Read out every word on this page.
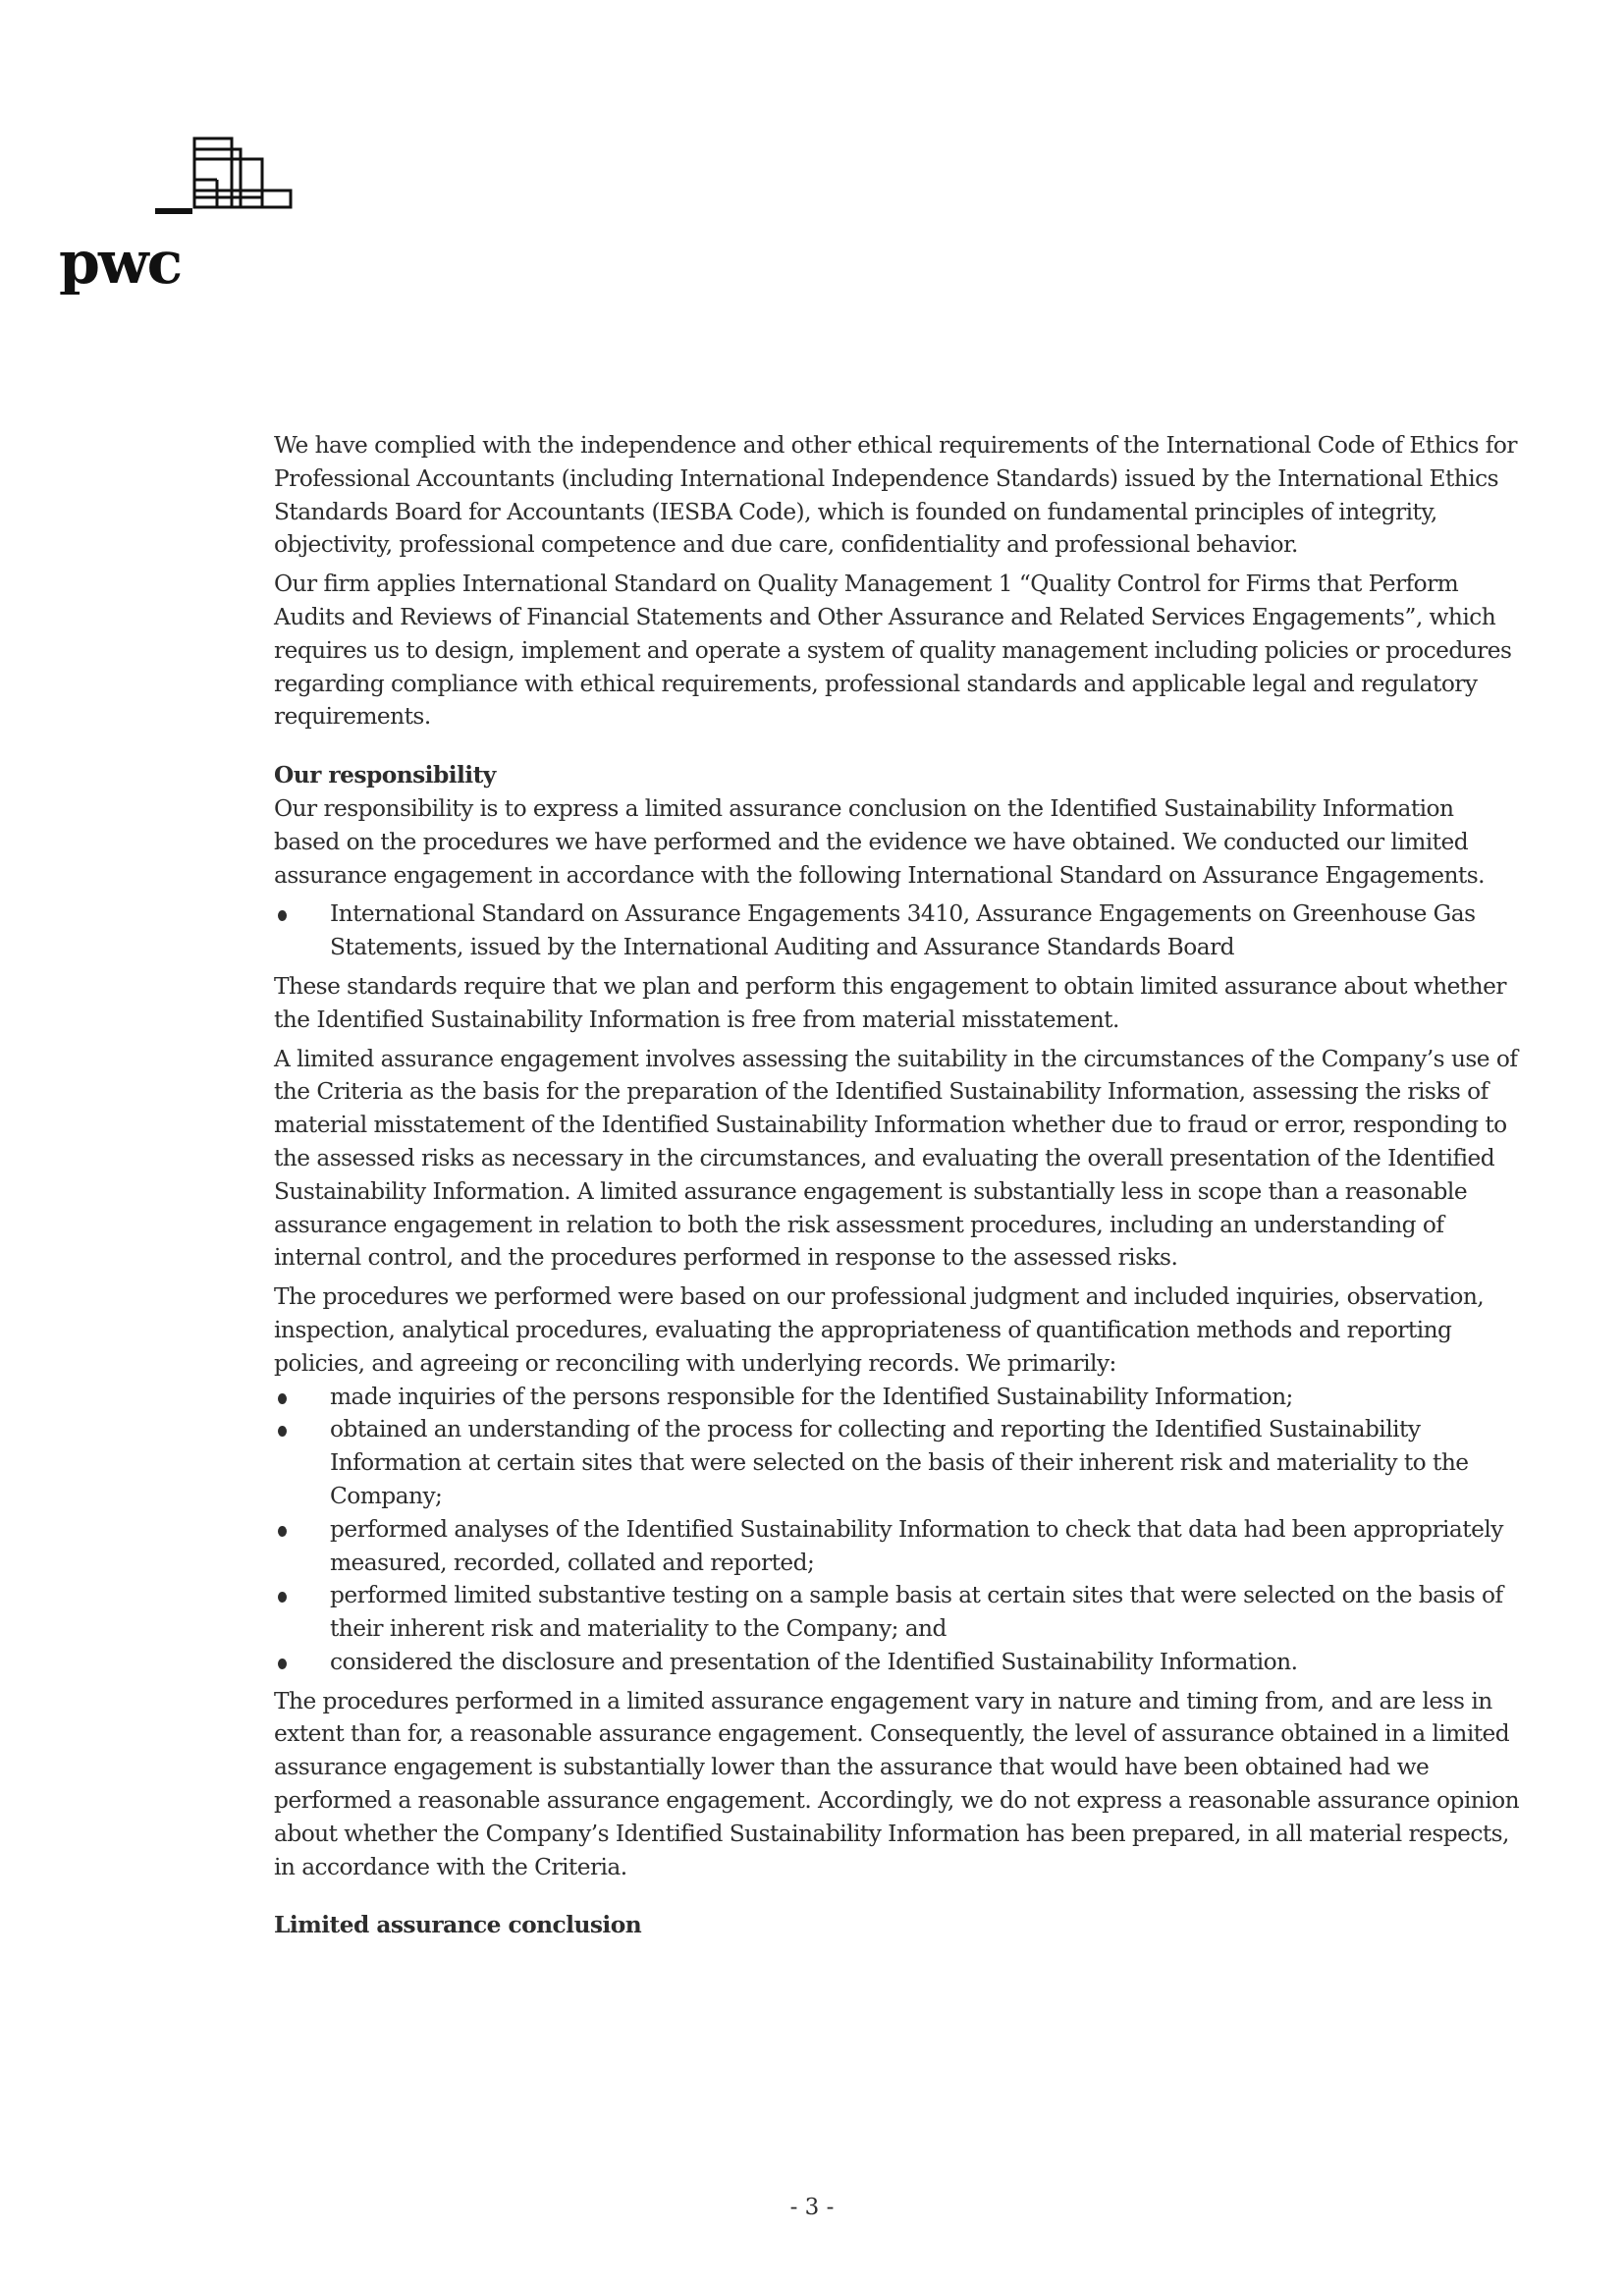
pwc

We have complied with the independence and other ethical requirements of the International Code of Ethics for Professional Accountants (including International Independence Standards) issued by the International Ethics Standards Board for Accountants (IESBA Code), which is founded on fundamental principles of integrity, objectivity, professional competence and due care, confidentiality and professional behavior.

Our firm applies International Standard on Quality Management 1 “Quality Control for Firms that Perform Audits and Reviews of Financial Statements and Other Assurance and Related Services Engagements”, which requires us to design, implement and operate a system of quality management including policies or procedures regarding compliance with ethical requirements, professional standards and applicable legal and regulatory requirements.

Our responsibility

Our responsibility is to express a limited assurance conclusion on the Identified Sustainability Information based on the procedures we have performed and the evidence we have obtained. We conducted our limited assurance engagement in accordance with the following International Standard on Assurance Engagements.

International Standard on Assurance Engagements 3410, Assurance Engagements on Greenhouse Gas Statements, issued by the International Auditing and Assurance Standards Board

These standards require that we plan and perform this engagement to obtain limited assurance about whether the Identified Sustainability Information is free from material misstatement.

A limited assurance engagement involves assessing the suitability in the circumstances of the Company’s use of the Criteria as the basis for the preparation of the Identified Sustainability Information, assessing the risks of material misstatement of the Identified Sustainability Information whether due to fraud or error, responding to the assessed risks as necessary in the circumstances, and evaluating the overall presentation of the Identified Sustainability Information. A limited assurance engagement is substantially less in scope than a reasonable assurance engagement in relation to both the risk assessment procedures, including an understanding of internal control, and the procedures performed in response to the assessed risks.

The procedures we performed were based on our professional judgment and included inquiries, observation, inspection, analytical procedures, evaluating the appropriateness of quantification methods and reporting policies, and agreeing or reconciling with underlying records. We primarily:

made inquiries of the persons responsible for the Identified Sustainability Information;
obtained an understanding of the process for collecting and reporting the Identified Sustainability Information at certain sites that were selected on the basis of their inherent risk and materiality to the Company;
performed analyses of the Identified Sustainability Information to check that data had been appropriately measured, recorded, collated and reported;
performed limited substantive testing on a sample basis at certain sites that were selected on the basis of their inherent risk and materiality to the Company; and
considered the disclosure and presentation of the Identified Sustainability Information.

The procedures performed in a limited assurance engagement vary in nature and timing from, and are less in extent than for, a reasonable assurance engagement. Consequently, the level of assurance obtained in a limited assurance engagement is substantially lower than the assurance that would have been obtained had we performed a reasonable assurance engagement. Accordingly, we do not express a reasonable assurance opinion about whether the Company’s Identified Sustainability Information has been prepared, in all material respects, in accordance with the Criteria.

Limited assurance conclusion
- 3 -
